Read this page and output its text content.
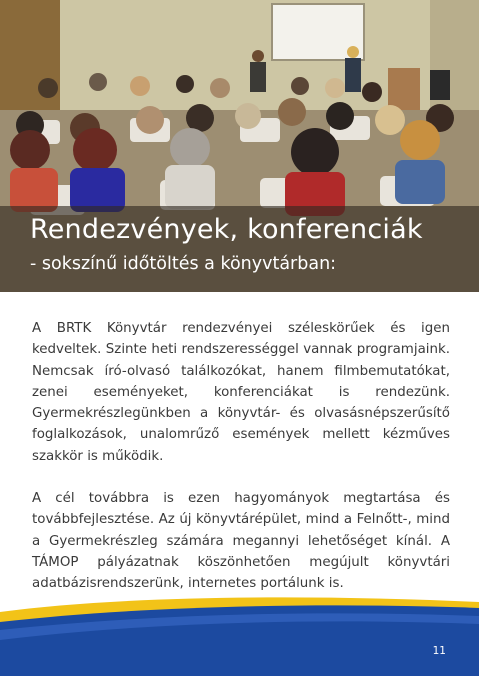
Rendezvények, konferenciák
- sokszínű időtöltés a könyvtárban:

A BRTK Könyvtár rendezvényei széleskörűek és igen kedveltek. Szinte heti rendszerességgel vannak programjaink. Nemcsak író-olvasó találkozókat, hanem filmbemutatókat, zenei eseményeket, konferenciákat is rendezünk. Gyermekrészlegünkben a könyvtár- és olvasásnépszerűsítő foglalkozások, unalomrűző események mellett kézműves szakkör is működik.

A cél továbbra is ezen hagyományok megtartása és továbbfejlesztése. Az új könyvtárépület, mind a Felnőtt-, mind a Gyermekrészleg számára megannyi lehetőséget kínál. A TÁMOP pályázatnak köszönhetően megújult könyvtári adatbázisrendszerünk, internetes portálunk is.

11
